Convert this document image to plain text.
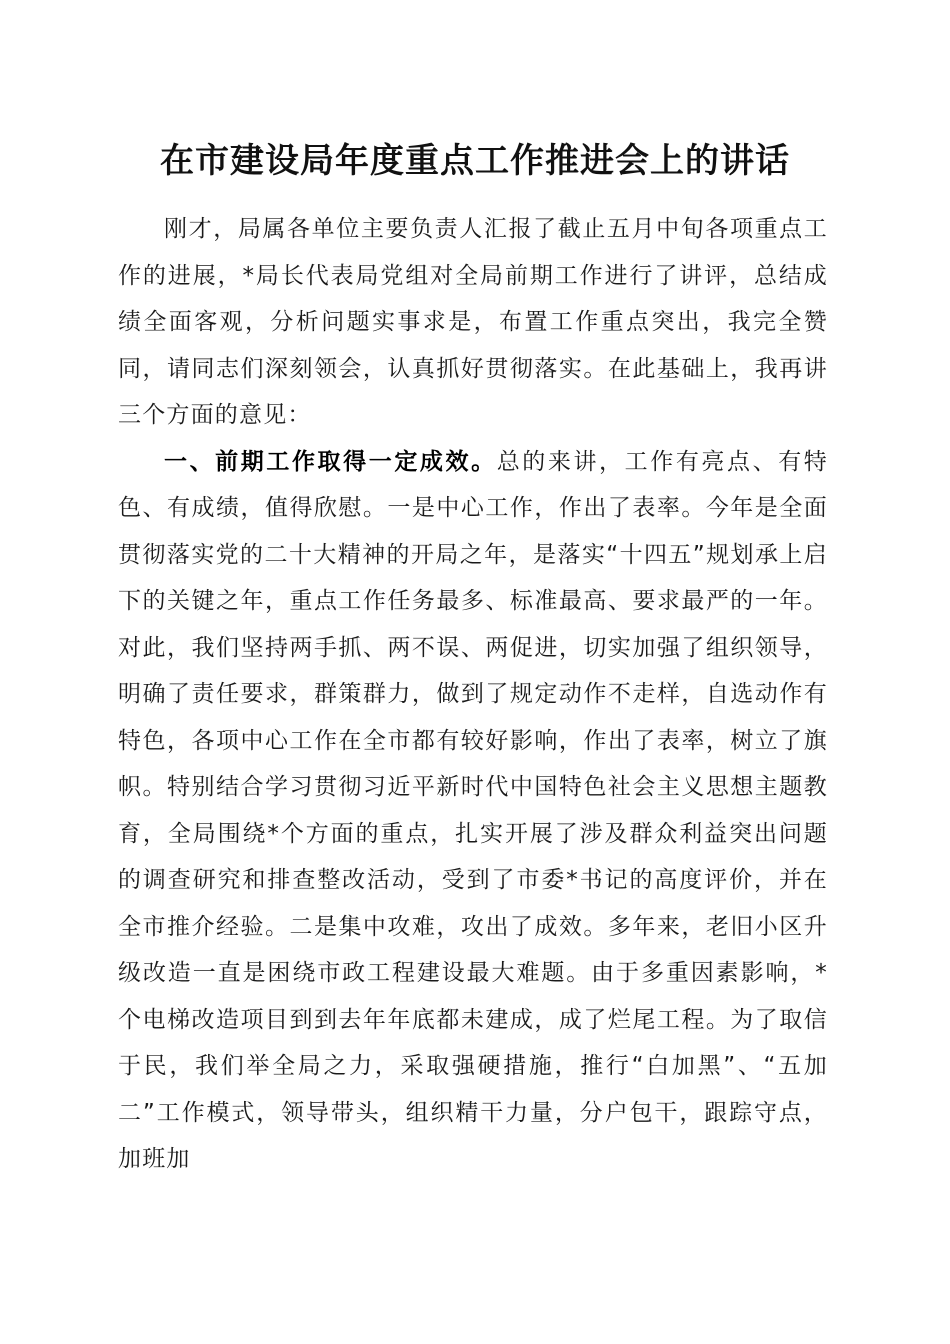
在市建设局年度重点工作推进会上的讲话

刚才，局属各单位主要负责人汇报了截止五月中旬各项重点工作的进展，*局长代表局党组对全局前期工作进行了讲评，总结成绩全面客观，分析问题实事求是，布置工作重点突出，我完全赞同，请同志们深刻领会，认真抓好贯彻落实。在此基础上，我再讲三个方面的意见：

一、前期工作取得一定成效。总的来讲，工作有亮点、有特色、有成绩，值得欣慰。一是中心工作，作出了表率。今年是全面贯彻落实党的二十大精神的开局之年，是落实“十四五”规划承上启下的关键之年，重点工作任务最多、标准最高、要求最严的一年。对此，我们坚持两手抓、两不误、两促进，切实加强了组织领导，明确了责任要求，群策群力，做到了规定动作不走样，自选动作有特色，各项中心工作在全市都有较好影响，作出了表率，树立了旗帜。特别结合学习贯彻习近平新时代中国特色社会主义思想主题教育，全局围绕*个方面的重点，扎实开展了涉及群众利益突出问题的调查研究和排查整改活动，受到了市委*书记的高度评价，并在全市推介经验。二是集中攻难，攻出了成效。多年来，老旧小区升级改造一直是困绕市政工程建设最大难题。由于多重因素影响，*个电梯改造项目到到去年年底都未建成，成了烂尾工程。为了取信于民，我们举全局之力，采取强硬措施，推行“白加黑”、“五加二”工作模式，领导带头，组织精干力量，分户包干，跟踪守点，加班加
